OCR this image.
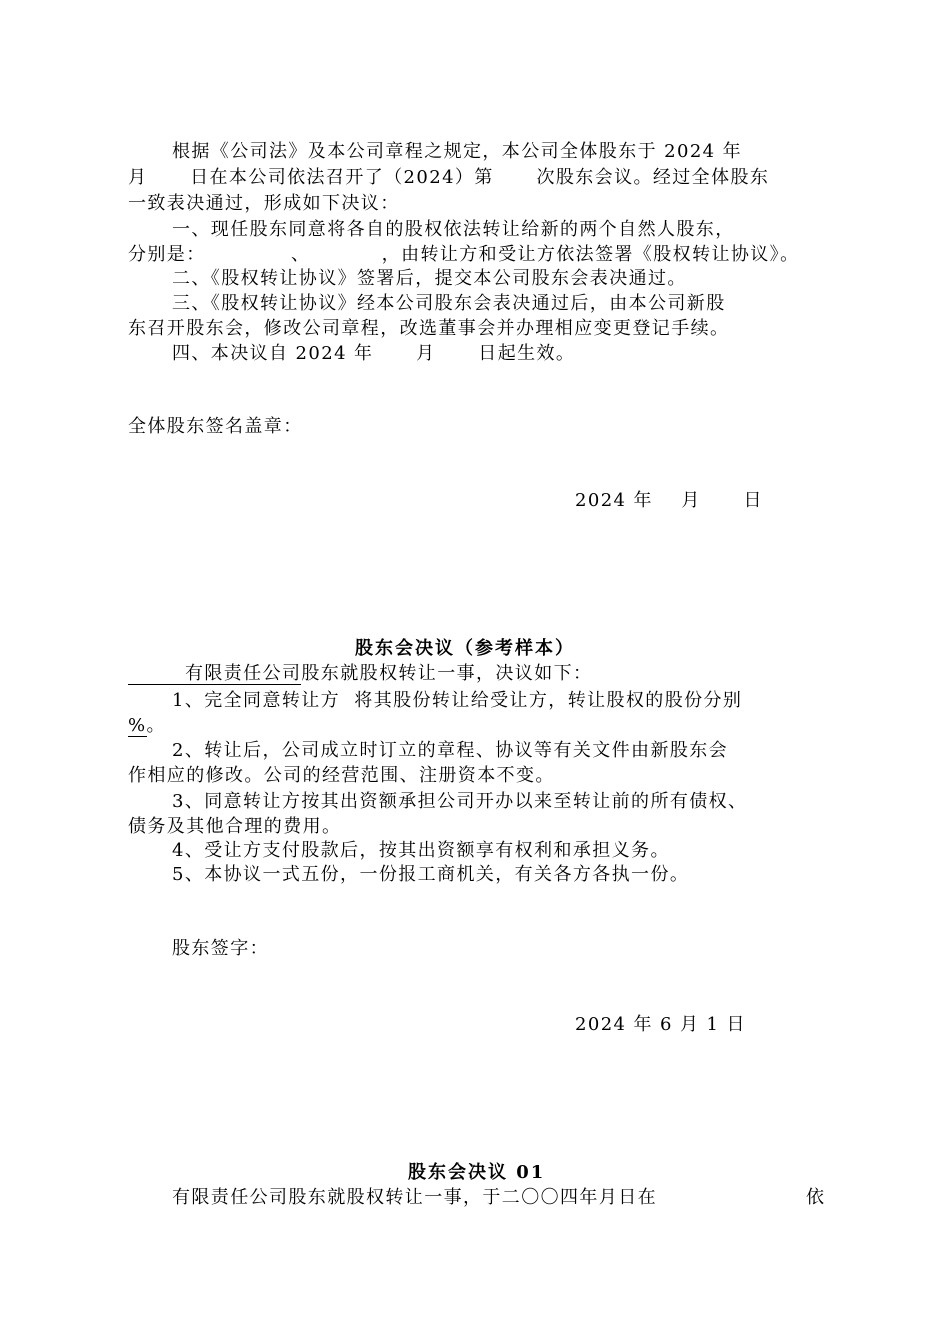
根据《公司法》及本公司章程之规定，本公司全体股东于 2024 年
月      日在本公司依法召开了（2024）第      次股东会议。经过全体股东
一致表决通过，形成如下决议：
一、现任股东同意将各自的股权依法转让给新的两个自然人股东，
分别是：            、          ，由转让方和受让方依法签署《股权转让协议》。
二、《股权转让协议》签署后，提交本公司股东会表决通过。
三、《股权转让协议》经本公司股东会表决通过后，由本公司新股
东召开股东会，修改公司章程，改选董事会并办理相应变更登记手续。
四、本决议自 2024 年      月      日起生效。
全体股东签名盖章：
2024 年    月      日
股东会决议（参考样本）
有限责任公司股东就股权转让一事，决议如下：
1、完全同意转让方  将其股份转让给受让方，转让股权的股份分别
%。
2、转让后，公司成立时订立的章程、协议等有关文件由新股东会
作相应的修改。公司的经营范围、注册资本不变。
3、同意转让方按其出资额承担公司开办以来至转让前的所有债权、
债务及其他合理的费用。
4、受让方支付股款后，按其出资额享有权利和承担义务。
5、本协议一式五份，一份报工商机关，有关各方各执一份。
股东签字：
2024 年 6 月 1 日
股东会决议 01
有限责任公司股东就股权转让一事，于二〇〇四年月日在	依
